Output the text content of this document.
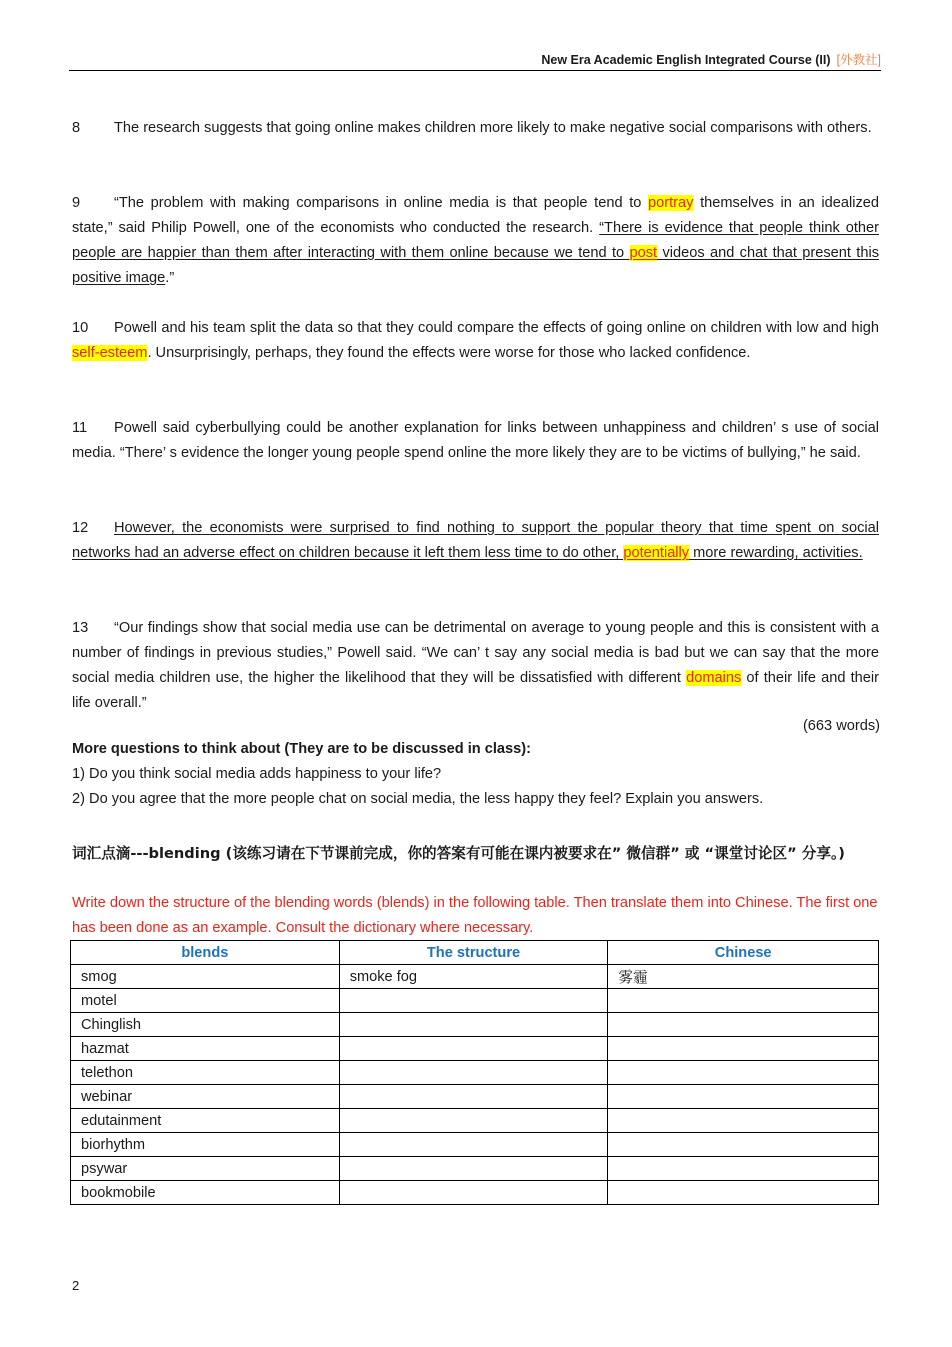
New Era Academic English Integrated Course (II) [外教社]

8 The research suggests that going online makes children more likely to make negative social comparisons with others.

9 “The problem with making comparisons in online media is that people tend to portray themselves in an idealized state,” said Philip Powell, one of the economists who conducted the research. “There is evidence that people think other people are happier than them after interacting with them online because we tend to post videos and chat that present this positive image.”

10 Powell and his team split the data so that they could compare the effects of going online on children with low and high self-esteem. Unsurprisingly, perhaps, they found the effects were worse for those who lacked confidence.

11 Powell said cyberbullying could be another explanation for links between unhappiness and children’ s use of social media. “There’ s evidence the longer young people spend online the more likely they are to be victims of bullying,” he said.

12 However, the economists were surprised to find nothing to support the popular theory that time spent on social networks had an adverse effect on children because it left them less time to do other, potentially more rewarding, activities.

13 “Our findings show that social media use can be detrimental on average to young people and this is consistent with a number of findings in previous studies,” Powell said. “We can’ t say any social media is bad but we can say that the more social media children use, the higher the likelihood that they will be dissatisfied with different domains of their life and their life overall.”

(663 words)
More questions to think about (They are to be discussed in class):
1) Do you think social media adds happiness to your life?
2) Do you agree that the more people chat on social media, the less happy they feel? Explain you answers.
词汇点滴---blending (该练习请在下节课前完成，你的答案有可能在课内被要求在” 微信群” 或 “课堂讨论区” 分享。)
Write down the structure of the blending words (blends) in the following table. Then translate them into Chinese. The first one has been done as an example. Consult the dictionary where necessary.
blends	The structure	Chinese
smog	smoke fog	雾霾
motel		
Chinglish		
hazmat		
telethon		
webinar		
edutainment		
biorhythm		
psywar		
bookmobile		
2
